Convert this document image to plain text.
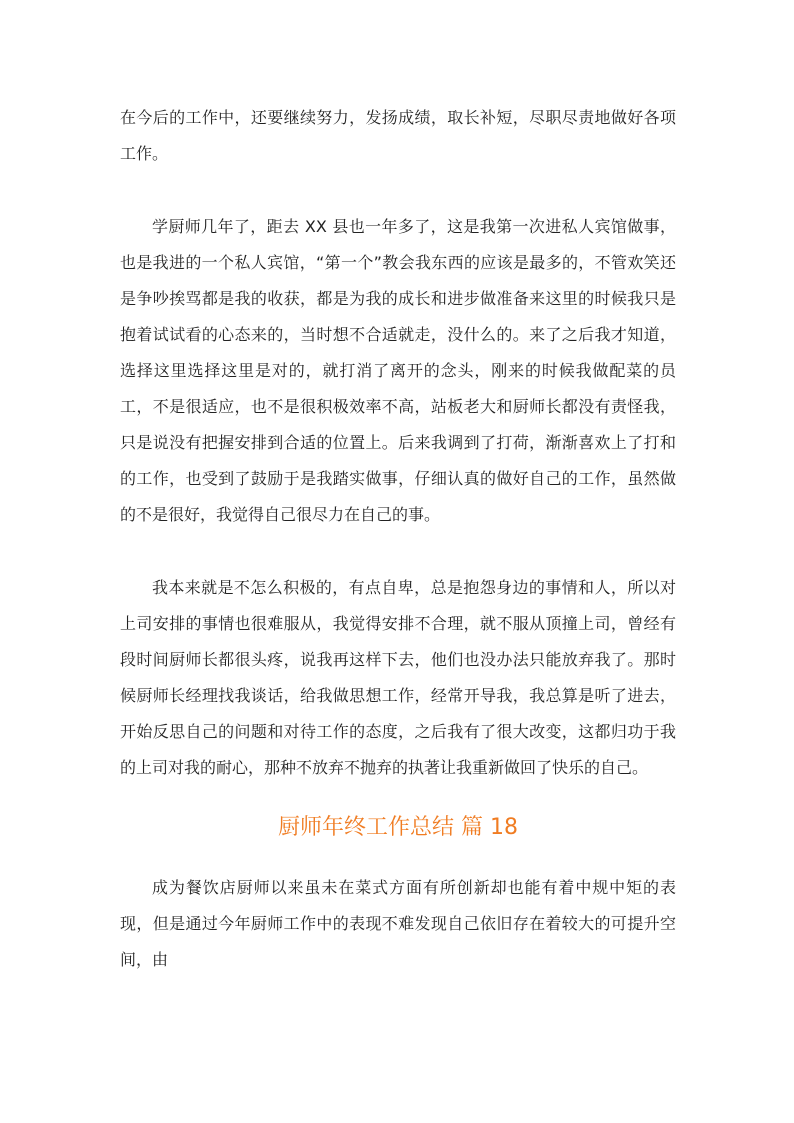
在今后的工作中，还要继续努力，发扬成绩，取长补短，尽职尽责地做好各项工作。

学厨师几年了，距去 XX 县也一年多了，这是我第一次进私人宾馆做事，也是我进的一个私人宾馆，“第一个”教会我东西的应该是最多的，不管欢笑还是争吵挨骂都是我的收获，都是为我的成长和进步做准备来这里的时候我只是抱着试试看的心态来的，当时想不合适就走，没什么的。来了之后我才知道，选择这里选择这里是对的，就打消了离开的念头，刚来的时候我做配菜的员工，不是很适应，也不是很积极效率不高，站板老大和厨师长都没有责怪我，只是说没有把握安排到合适的位置上。后来我调到了打荷，渐渐喜欢上了打和的工作，也受到了鼓励于是我踏实做事，仔细认真的做好自己的工作，虽然做的不是很好，我觉得自己很尽力在自己的事。

我本来就是不怎么积极的，有点自卑，总是抱怨身边的事情和人，所以对上司安排的事情也很难服从，我觉得安排不合理，就不服从顶撞上司，曾经有段时间厨师长都很头疼，说我再这样下去，他们也没办法只能放弃我了。那时候厨师长经理找我谈话，给我做思想工作，经常开导我，我总算是听了进去，开始反思自己的问题和对待工作的态度，之后我有了很大改变，这都归功于我的上司对我的耐心，那种不放弃不抛弃的执著让我重新做回了快乐的自己。

厨师年终工作总结 篇 18

成为餐饮店厨师以来虽未在菜式方面有所创新却也能有着中规中矩的表现，但是通过今年厨师工作中的表现不难发现自己依旧存在着较大的可提升空间，由
